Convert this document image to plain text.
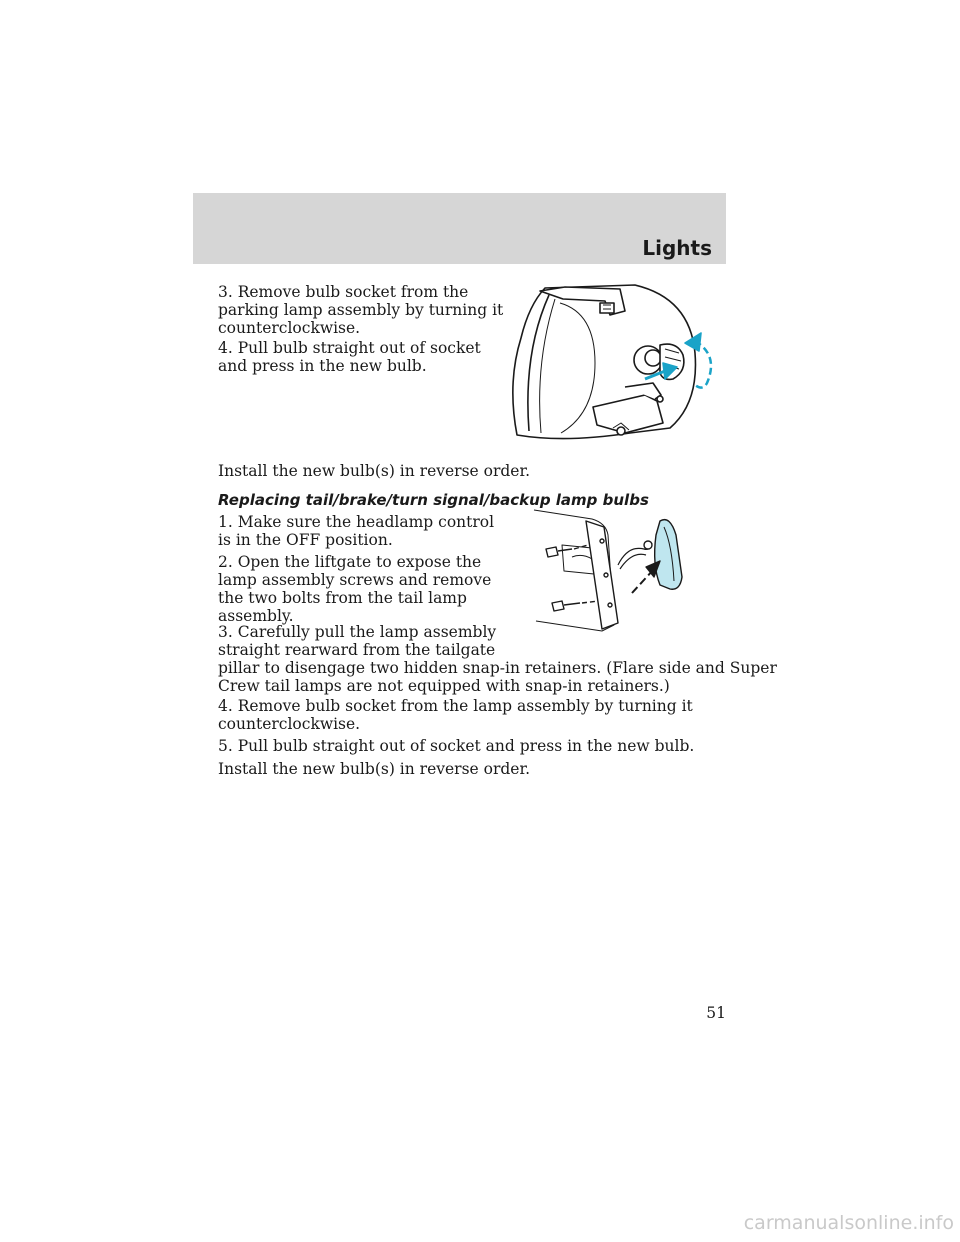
Lights

3. Remove bulb socket from the
parking lamp assembly by turning it
counterclockwise.

4. Pull bulb straight out of socket
and press in the new bulb.

Install the new bulb(s) in reverse order.

Replacing tail/brake/turn signal/backup lamp bulbs

1. Make sure the headlamp control
is in the OFF position.

2. Open the liftgate to expose the
lamp assembly screws and remove
the two bolts from the tail lamp
assembly.

3. Carefully pull the lamp assembly
straight rearward from the tailgate
pillar to disengage two hidden snap-in retainers. (Flare side and Super
Crew tail lamps are not equipped with snap-in retainers.)

4. Remove bulb socket from the lamp assembly by turning it
counterclockwise.

5. Pull bulb straight out of socket and press in the new bulb.

Install the new bulb(s) in reverse order.

51
carmanualsonline.info
